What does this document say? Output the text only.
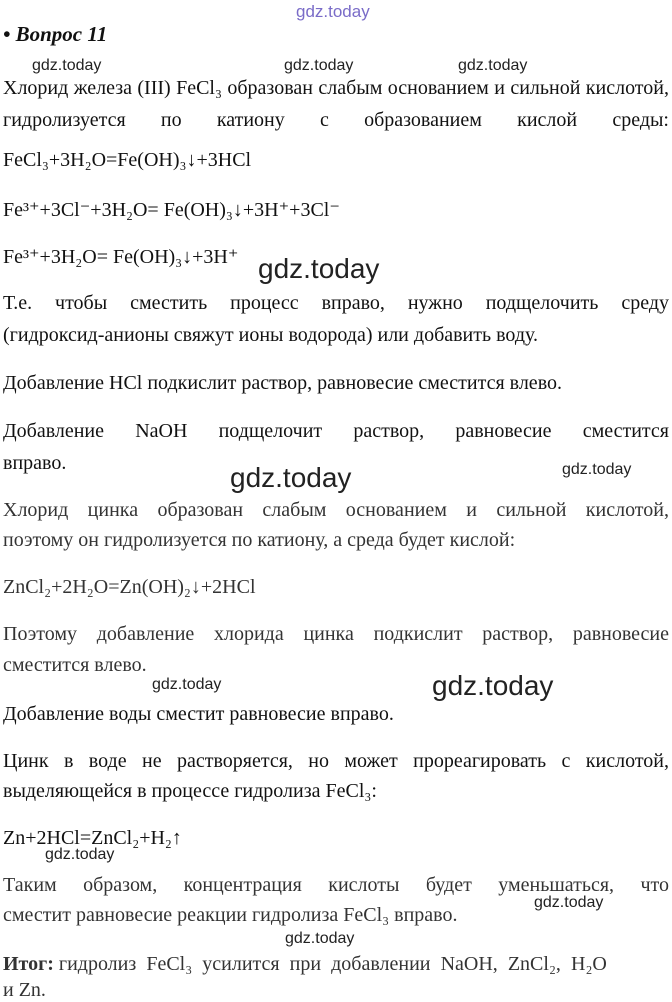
gdz.today
gdz.today	gdz.today	gdz.today
gdz.today
gdz.today	gdz.today
gdz.today	gdz.today
gdz.today
gdz.today
gdz.today
• Вопрос 11
Хлорид железа (III) FeCl₃ образован слабым основанием и сильной кислотой, гидролизуется по катиону с образованием кислой среды:
FeCl₃+3H₂O=Fe(OH)₃↓+3HCl
Fe³⁺+3Cl⁻+3H₂O= Fe(OH)₃↓+3H⁺+3Cl⁻
Fe³⁺+3H₂O= Fe(OH)₃↓+3H⁺
Т.е. чтобы сместить процесс вправо, нужно подщелочить среду
(гидроксид-анионы свяжут ионы водорода) или добавить воду.
Добавление HCl подкислит раствор, равновесие сместится влево.
Добавление NaOH подщелочит раствор, равновесие сместится
вправо.
Хлорид цинка образован слабым основанием и сильной кислотой,
поэтому он гидролизуется по катиону, а среда будет кислой:
ZnCl₂+2H₂O=Zn(OH)₂↓+2HCl
Поэтому добавление хлорида цинка подкислит раствор, равновесие
сместится влево.
Добавление воды сместит равновесие вправо.
Цинк в воде не растворяется, но может прореагировать с кислотой,
выделяющейся в процессе гидролиза FeCl₃:
Zn+2HCl=ZnCl₂+H₂↑
Таким образом, концентрация кислоты будет уменьшаться, что
сместит равновесие реакции гидролиза FeCl₃ вправо.
Итог: гидролиз FeCl₃ усилится при добавлении NaOH, ZnCl₂, H₂O
и Zn.
